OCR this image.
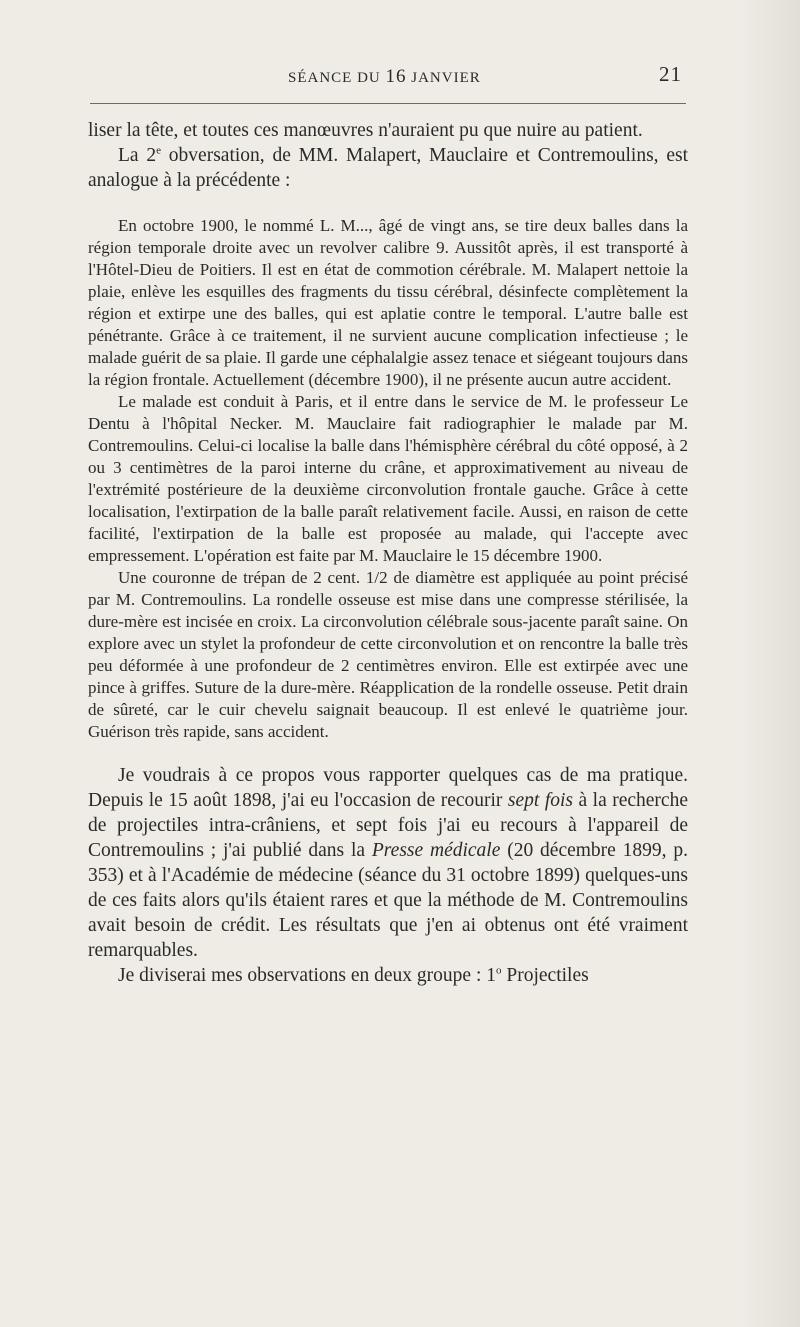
SÉANCE DU 16 JANVIER	21

liser la tête, et toutes ces manœuvres n'auraient pu que nuire au patient.

La 2e obversation, de MM. Malapert, Mauclaire et Contremoulins, est analogue à la précédente :

En octobre 1900, le nommé L. M..., âgé de vingt ans, se tire deux balles dans la région temporale droite avec un revolver calibre 9. Aussitôt après, il est transporté à l'Hôtel-Dieu de Poitiers. Il est en état de commotion cérébrale. M. Malapert nettoie la plaie, enlève les esquilles des fragments du tissu cérébral, désinfecte complètement la région et extirpe une des balles, qui est aplatie contre le temporal. L'autre balle est pénétrante. Grâce à ce traitement, il ne survient aucune complication infectieuse ; le malade guérit de sa plaie. Il garde une céphalalgie assez tenace et siégeant toujours dans la région frontale. Actuellement (décembre 1900), il ne présente aucun autre accident.

Le malade est conduit à Paris, et il entre dans le service de M. le professeur Le Dentu à l'hôpital Necker. M. Mauclaire fait radiographier le malade par M. Contremoulins. Celui-ci localise la balle dans l'hémisphère cérébral du côté opposé, à 2 ou 3 centimètres de la paroi interne du crâne, et approximativement au niveau de l'extrémité postérieure de la deuxième circonvolution frontale gauche. Grâce à cette localisation, l'extirpation de la balle paraît relativement facile. Aussi, en raison de cette facilité, l'extirpation de la balle est proposée au malade, qui l'accepte avec empressement. L'opération est faite par M. Mauclaire le 15 décembre 1900.

Une couronne de trépan de 2 cent. 1/2 de diamètre est appliquée au point précisé par M. Contremoulins. La rondelle osseuse est mise dans une compresse stérilisée, la dure-mère est incisée en croix. La circonvolution célébrale sous-jacente paraît saine. On explore avec un stylet la profondeur de cette circonvolution et on rencontre la balle très peu déformée à une profondeur de 2 centimètres environ. Elle est extirpée avec une pince à griffes. Suture de la dure-mère. Réapplication de la rondelle osseuse. Petit drain de sûreté, car le cuir chevelu saignait beaucoup. Il est enlevé le quatrième jour. Guérison très rapide, sans accident.

Je voudrais à ce propos vous rapporter quelques cas de ma pratique. Depuis le 15 août 1898, j'ai eu l'occasion de recourir sept fois à la recherche de projectiles intra-crâniens, et sept fois j'ai eu recours à l'appareil de Contremoulins ; j'ai publié dans la Presse médicale (20 décembre 1899, p. 353) et à l'Académie de médecine (séance du 31 octobre 1899) quelques-uns de ces faits alors qu'ils étaient rares et que la méthode de M. Contremoulins avait besoin de crédit. Les résultats que j'en ai obtenus ont été vraiment remarquables.

Je diviserai mes observations en deux groupe : 1$^o$ Projectiles
